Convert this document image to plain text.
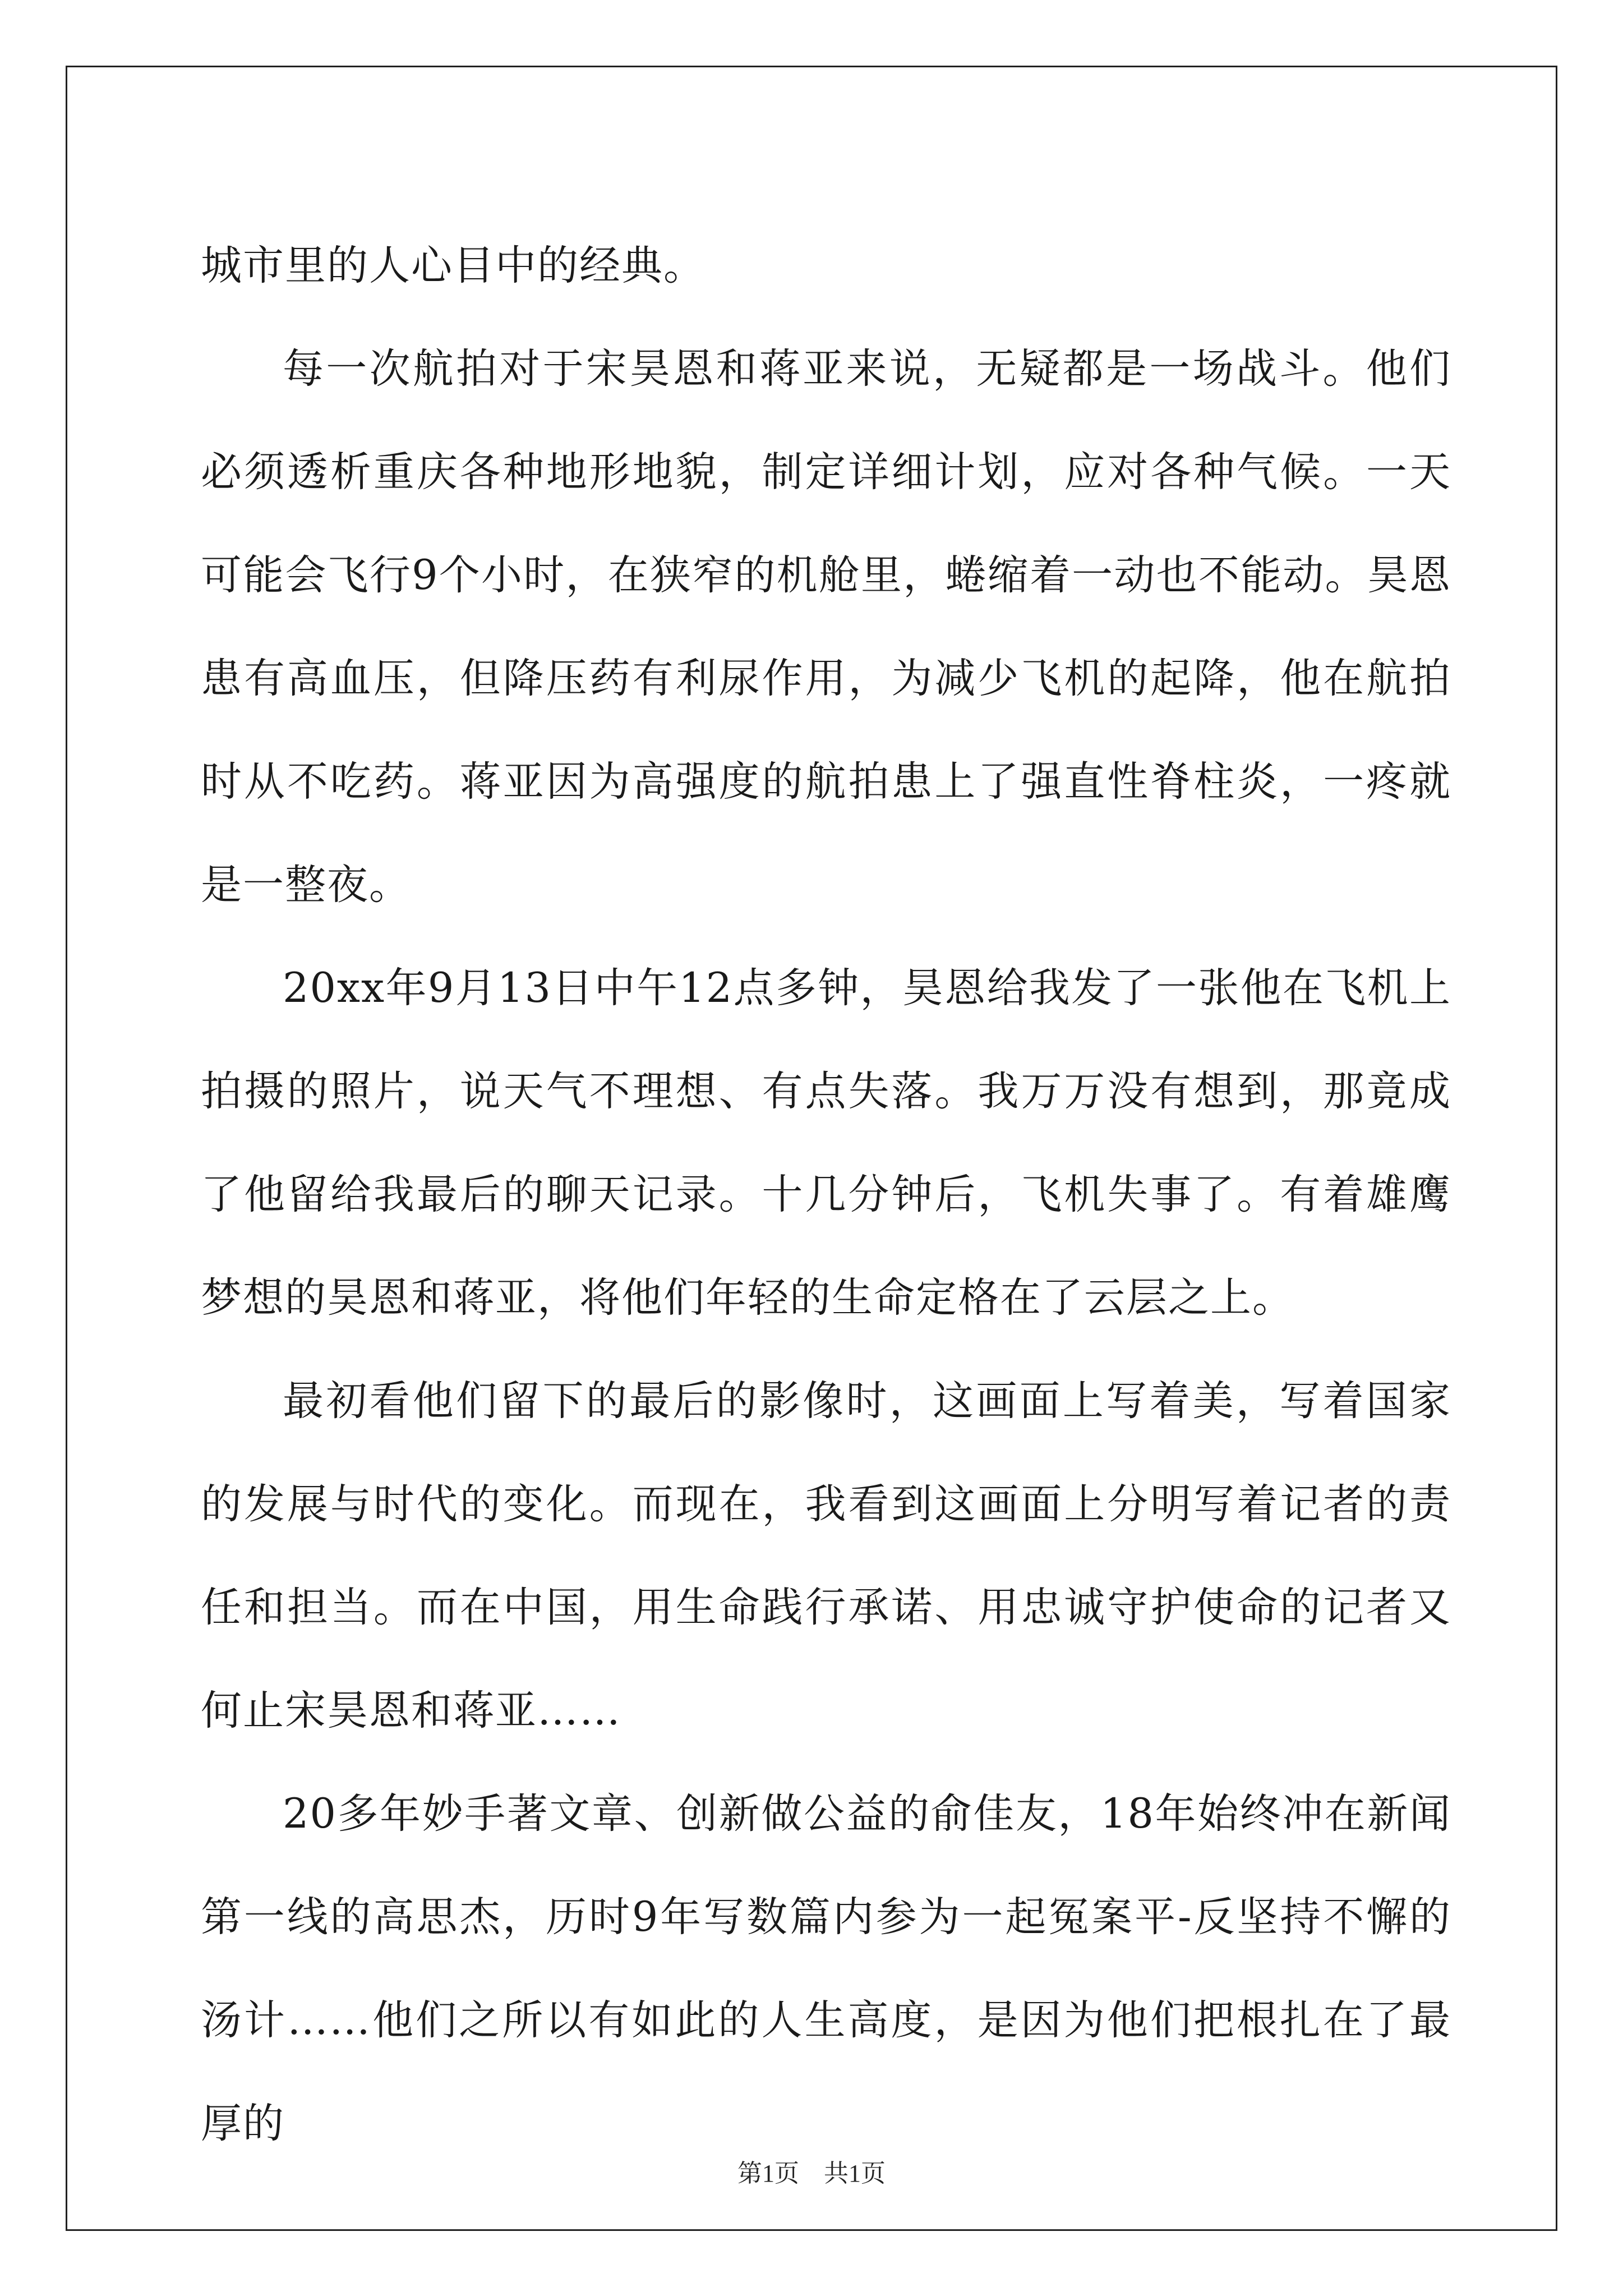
城市里的人心目中的经典。

每一次航拍对于宋昊恩和蒋亚来说，无疑都是一场战斗。他们必须透析重庆各种地形地貌，制定详细计划，应对各种气候。一天可能会飞行9个小时，在狭窄的机舱里，蜷缩着一动也不能动。昊恩患有高血压，但降压药有利尿作用，为减少飞机的起降，他在航拍时从不吃药。蒋亚因为高强度的航拍患上了强直性脊柱炎，一疼就是一整夜。

20xx年9月13日中午12点多钟，昊恩给我发了一张他在飞机上拍摄的照片，说天气不理想、有点失落。我万万没有想到，那竟成了他留给我最后的聊天记录。十几分钟后，飞机失事了。有着雄鹰梦想的昊恩和蒋亚，将他们年轻的生命定格在了云层之上。

最初看他们留下的最后的影像时，这画面上写着美，写着国家的发展与时代的变化。而现在，我看到这画面上分明写着记者的责任和担当。而在中国，用生命践行承诺、用忠诚守护使命的记者又何止宋昊恩和蒋亚……

20多年妙手著文章、创新做公益的俞佳友，18年始终冲在新闻第一线的高思杰，历时9年写数篇内参为一起冤案平-反坚持不懈的汤计……他们之所以有如此的人生高度，是因为他们把根扎在了最厚的

第1页 共1页
